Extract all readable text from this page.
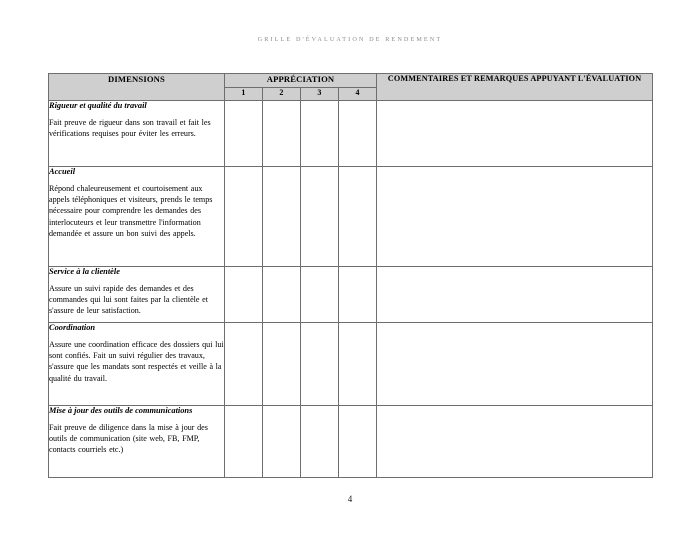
GRILLE D'ÉVALUATION DE RENDEMENT
DIMENSIONS	APPRÉCIATION				COMMENTAIRES ET REMARQUES APPUYANT L'ÉVALUATION
	1	2	3	4	

Rigueur et qualité du travail
Fait preuve de rigueur dans son travail et fait les vérifications requises pour éviter les erreurs.					

Accueil
Répond chaleureusement et courtoisement aux appels téléphoniques et visiteurs, prends le temps nécessaire pour comprendre les demandes des interlocuteurs et leur transmettre l'information demandée et assure un bon suivi des appels.					

Service à la clientèle
Assure un suivi rapide des demandes et des commandes qui lui sont faites par la clientèle et s'assure de leur satisfaction.					

Coordination
Assure une coordination efficace des dossiers qui lui sont confiés. Fait un suivi régulier des travaux, s'assure que les mandats sont respectés et veille à la qualité du travail.					

Mise à jour des outils de communications
Fait preuve de diligence dans la mise à jour des outils de communication (site web, FB, FMP, contacts courriels etc.)					

4
